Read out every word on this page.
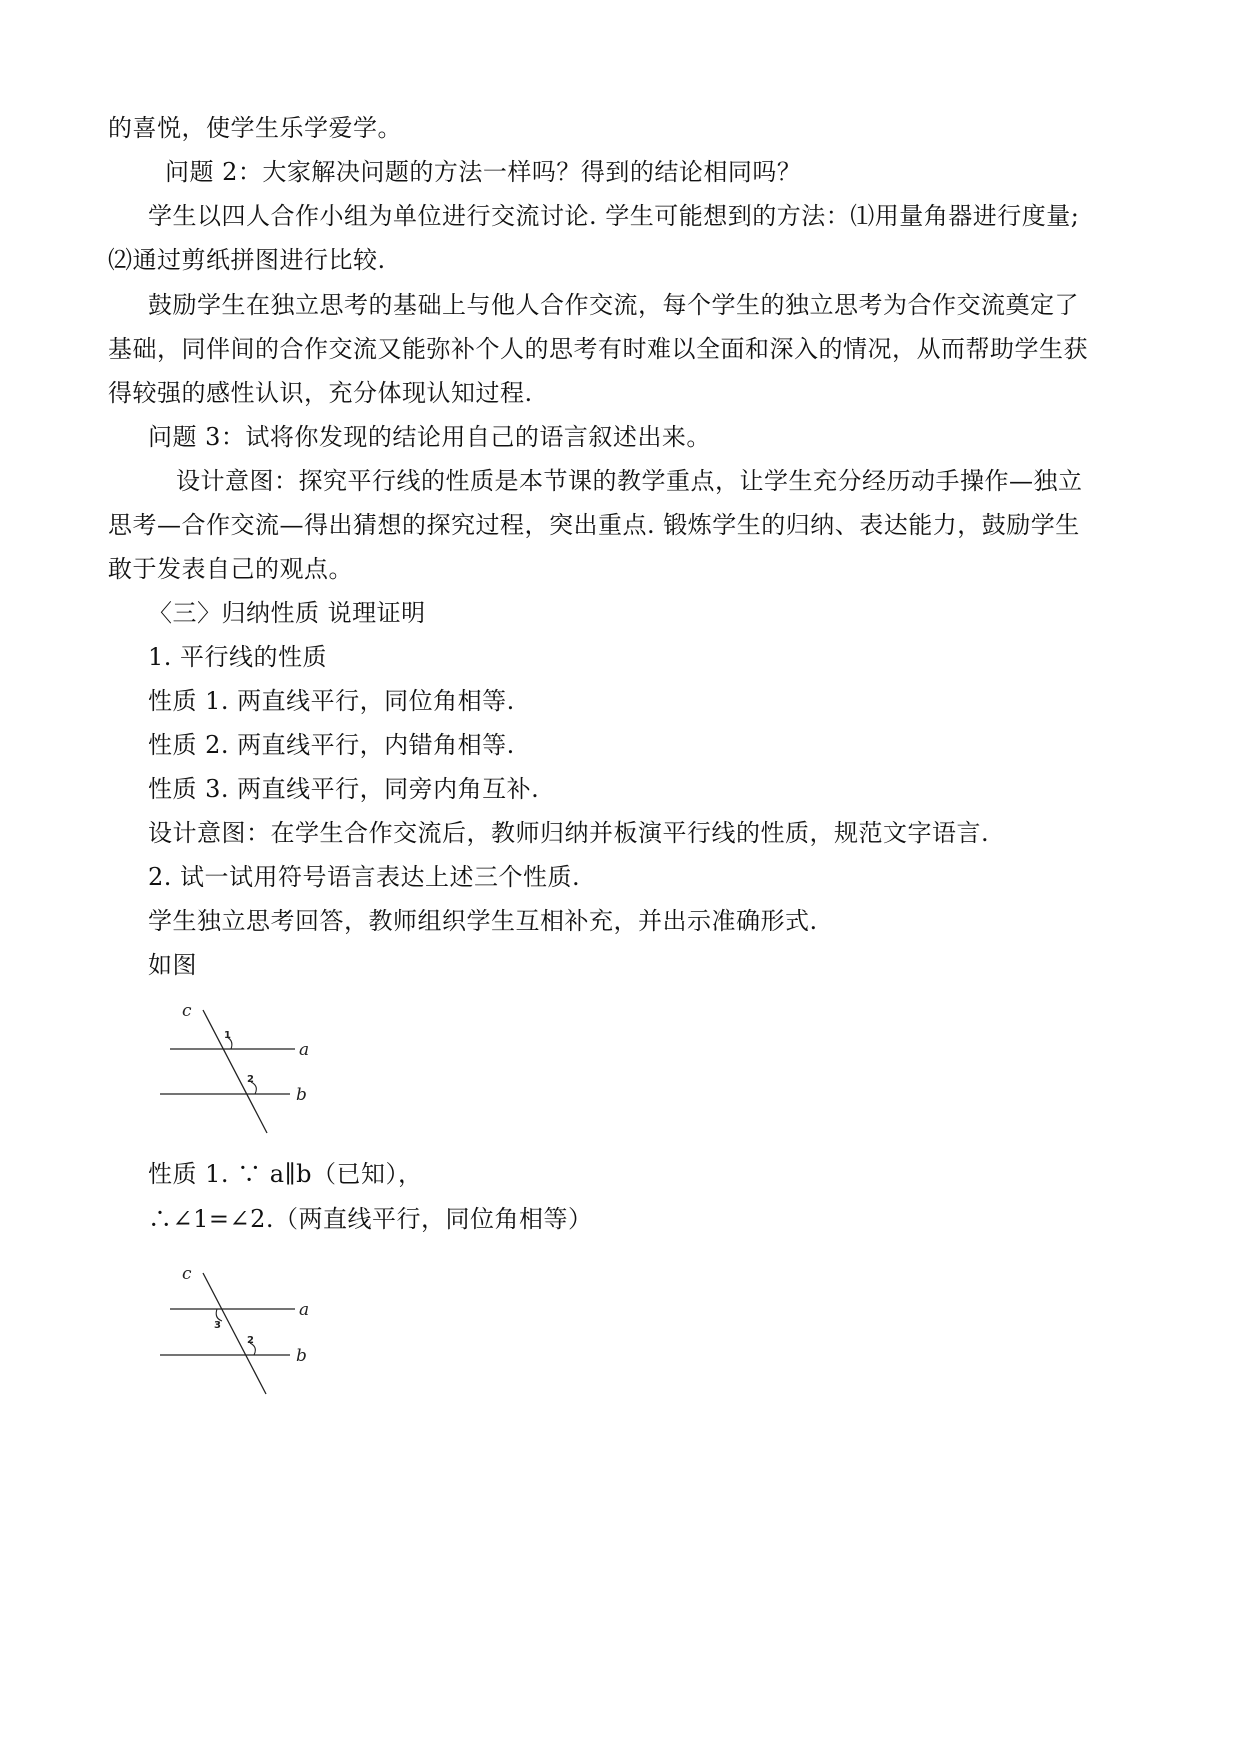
的喜悦，使学生乐学爱学。
问题 2：大家解决问题的方法一样吗？得到的结论相同吗？
学生以四人合作小组为单位进行交流讨论. 学生可能想到的方法：⑴用量角器进行度量;
⑵通过剪纸拼图进行比较.
鼓励学生在独立思考的基础上与他人合作交流，每个学生的独立思考为合作交流奠定了
基础，同伴间的合作交流又能弥补个人的思考有时难以全面和深入的情况，从而帮助学生获
得较强的感性认识，充分体现认知过程.
问题 3：试将你发现的结论用自己的语言叙述出来。
设计意图：探究平行线的性质是本节课的教学重点，让学生充分经历动手操作—独立
思考—合作交流—得出猜想的探究过程，突出重点. 锻炼学生的归纳、表达能力，鼓励学生
敢于发表自己的观点。
〈三〉归纳性质 说理证明
1. 平行线的性质
性质 1. 两直线平行，同位角相等.
性质 2. 两直线平行，内错角相等.
性质 3. 两直线平行，同旁内角互补.
设计意图：在学生合作交流后，教师归纳并板演平行线的性质，规范文字语言.
2. 试一试用符号语言表达上述三个性质.
学生独立思考回答，教师组织学生互相补充，并出示准确形式.
如图
c
a
b
1
2
性质 1. ∵ a∥b（已知），
∴∠1=∠2.（两直线平行，同位角相等）
c
a
b
3
2
